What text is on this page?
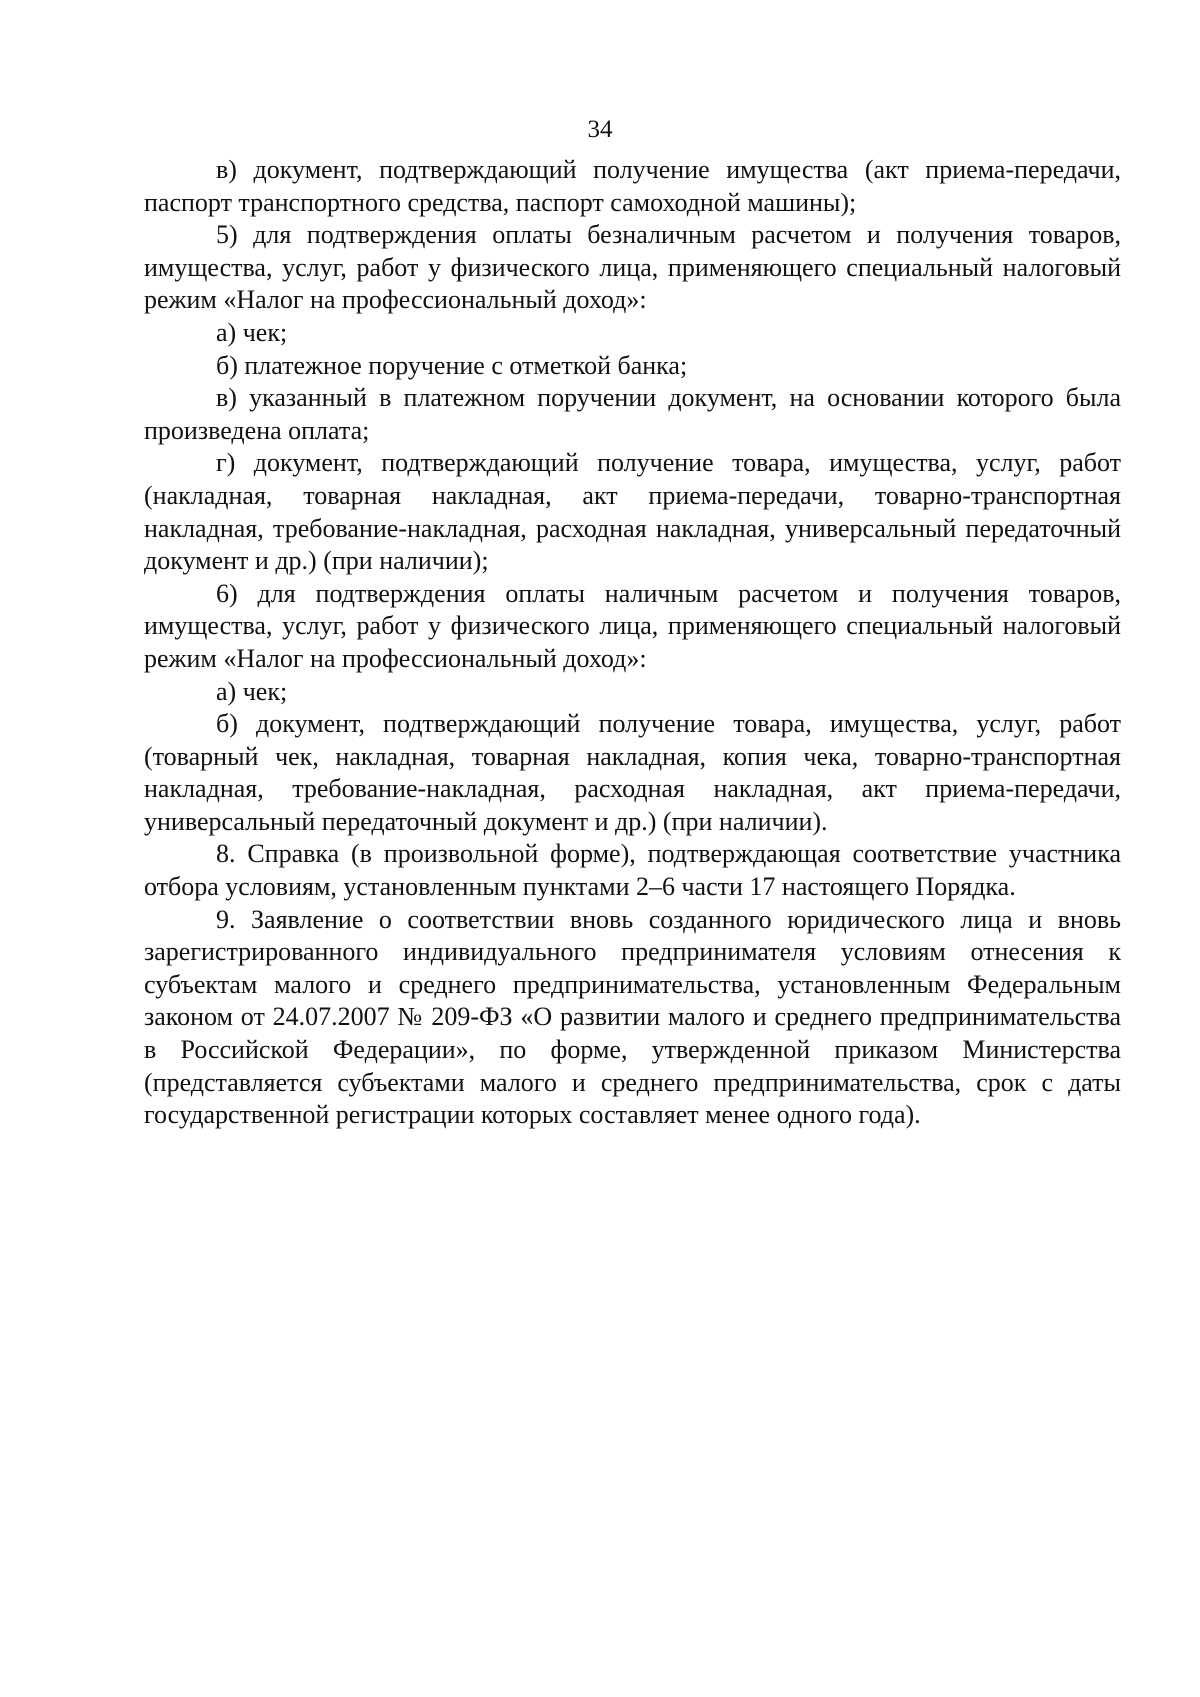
34

в) документ, подтверждающий получение имущества (акт приема-передачи, паспорт транспортного средства, паспорт самоходной машины);

5) для подтверждения оплаты безналичным расчетом и получения товаров, имущества, услуг, работ у физического лица, применяющего специальный налоговый режим «Налог на профессиональный доход»:

а) чек;

б) платежное поручение с отметкой банка;

в) указанный в платежном поручении документ, на основании которого была произведена оплата;

г) документ, подтверждающий получение товара, имущества, услуг, работ (накладная, товарная накладная, акт приема-передачи, товарно-транспортная накладная, требование-накладная, расходная накладная, универсальный передаточный документ и др.) (при наличии);

6) для подтверждения оплаты наличным расчетом и получения товаров, имущества, услуг, работ у физического лица, применяющего специальный налоговый режим «Налог на профессиональный доход»:

а) чек;

б) документ, подтверждающий получение товара, имущества, услуг, работ (товарный чек, накладная, товарная накладная, копия чека, товарно-транспортная накладная, требование-накладная, расходная накладная, акт приема-передачи, универсальный передаточный документ и др.) (при наличии).

8. Справка (в произвольной форме), подтверждающая соответствие участника отбора условиям, установленным пунктами 2–6 части 17 настоящего Порядка.

9. Заявление о соответствии вновь созданного юридического лица и вновь зарегистрированного индивидуального предпринимателя условиям отнесения к субъектам малого и среднего предпринимательства, установленным Федеральным законом от 24.07.2007 № 209-ФЗ «О развитии малого и среднего предпринимательства в Российской Федерации», по форме, утвержденной приказом Министерства (представляется субъектами малого и среднего предпринимательства, срок с даты государственной регистрации которых составляет менее одного года).
